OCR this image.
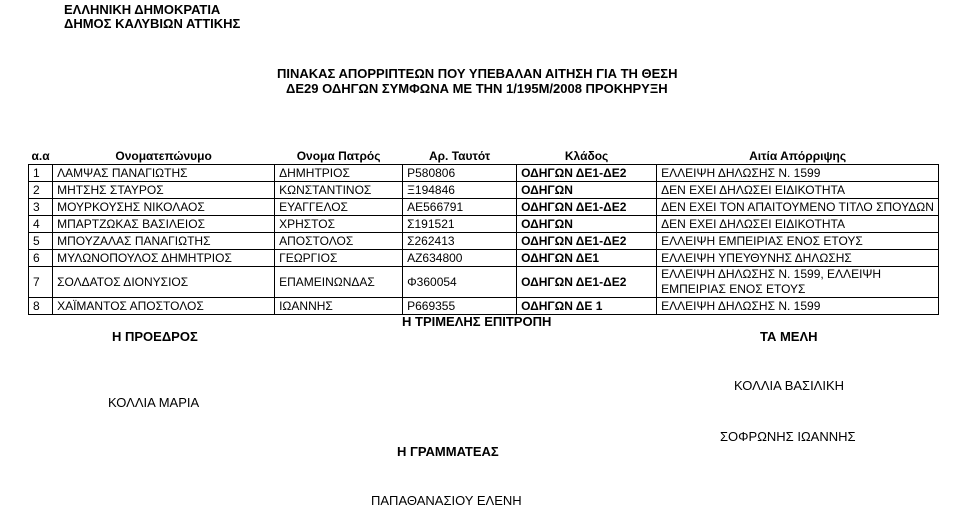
ΕΛΛΗΝΙΚΗ ΔΗΜΟΚΡΑΤΙΑ
ΔΗΜΟΣ ΚΑΛΥΒΙΩΝ ΑΤΤΙΚΗΣ
ΠΙΝΑΚΑΣ ΑΠΟΡΡΙΠΤΕΩΝ ΠΟΥ ΥΠΕΒΑΛΑΝ ΑΙΤΗΣΗ ΓΙΑ ΤΗ ΘΕΣΗ
ΔΕ29 ΟΔΗΓΩΝ ΣΥΜΦΩΝΑ ΜΕ ΤΗΝ 1/195Μ/2008 ΠΡΟΚΗΡΥΞΗ
α.α	Ονοματεπώνυμο	Ονομα Πατρός	Αρ. Ταυτότ	Κλάδος	Αιτία Απόρριψης
1	ΛΑΜΨΑΣ ΠΑΝΑΓΙΩΤΗΣ	ΔΗΜΗΤΡΙΟΣ	Ρ580806	ΟΔΗΓΩΝ ΔΕ1-ΔΕ2	ΕΛΛΕΙΨΗ ΔΗΛΩΣΗΣ Ν. 1599
2	ΜΗΤΣΗΣ ΣΤΑΥΡΟΣ	ΚΩΝΣΤΑΝΤΙΝΟΣ	Ξ194846	ΟΔΗΓΩΝ	ΔΕΝ ΕΧΕΙ ΔΗΛΩΣΕΙ ΕΙΔΙΚΟΤΗΤΑ
3	ΜΟΥΡΚΟΥΣΗΣ ΝΙΚΟΛΑΟΣ	ΕΥΑΓΓΕΛΟΣ	ΑΕ566791	ΟΔΗΓΩΝ ΔΕ1-ΔΕ2	ΔΕΝ ΕΧΕΙ ΤΟΝ ΑΠΑΙΤΟΥΜΕΝΟ ΤΙΤΛΟ ΣΠΟΥΔΩΝ
4	ΜΠΑΡΤΖΩΚΑΣ ΒΑΣΙΛΕΙΟΣ	ΧΡΗΣΤΟΣ	Σ191521	ΟΔΗΓΩΝ	ΔΕΝ ΕΧΕΙ ΔΗΛΩΣΕΙ ΕΙΔΙΚΟΤΗΤΑ
5	ΜΠΟΥΖΑΛΑΣ ΠΑΝΑΓΙΩΤΗΣ	ΑΠΟΣΤΟΛΟΣ	Σ262413	ΟΔΗΓΩΝ ΔΕ1-ΔΕ2	ΕΛΛΕΙΨΗ ΕΜΠΕΙΡΙΑΣ ΕΝΟΣ ΕΤΟΥΣ
6	ΜΥΛΩΝΟΠΟΥΛΟΣ ΔΗΜΗΤΡΙΟΣ	ΓΕΩΡΓΙΟΣ	ΑΖ634800	ΟΔΗΓΩΝ ΔΕ1	ΕΛΛΕΙΨΗ ΥΠΕΥΘΥΝΗΣ ΔΗΛΩΣΗΣ
7	ΣΟΛΔΑΤΟΣ ΔΙΟΝΥΣΙΟΣ	ΕΠΑΜΕΙΝΩΝΔΑΣ	Φ360054	ΟΔΗΓΩΝ ΔΕ1-ΔΕ2	ΕΛΛΕΙΨΗ ΔΗΛΩΣΗΣ Ν. 1599, ΕΛΛΕΙΨΗ ΕΜΠΕΙΡΙΑΣ ΕΝΟΣ ΕΤΟΥΣ
8	ΧΑΪΜΑΝΤΟΣ ΑΠΟΣΤΟΛΟΣ	ΙΩΑΝΝΗΣ	Ρ669355	ΟΔΗΓΩΝ ΔΕ 1	ΕΛΛΕΙΨΗ ΔΗΛΩΣΗΣ Ν. 1599
Η ΤΡΙΜΕΛΗΣ ΕΠΙΤΡΟΠΗ
Η ΠΡΟΕΔΡΟΣ	ΤΑ ΜΕΛΗ
ΚΟΛΛΙΑ ΒΑΣΙΛΙΚΗ
ΚΟΛΛΙΑ ΜΑΡΙΑ
ΣΟΦΡΩΝΗΣ ΙΩΑΝΝΗΣ
Η ΓΡΑΜΜΑΤΕΑΣ
ΠΑΠΑΘΑΝΑΣΙΟΥ ΕΛΕΝΗ
